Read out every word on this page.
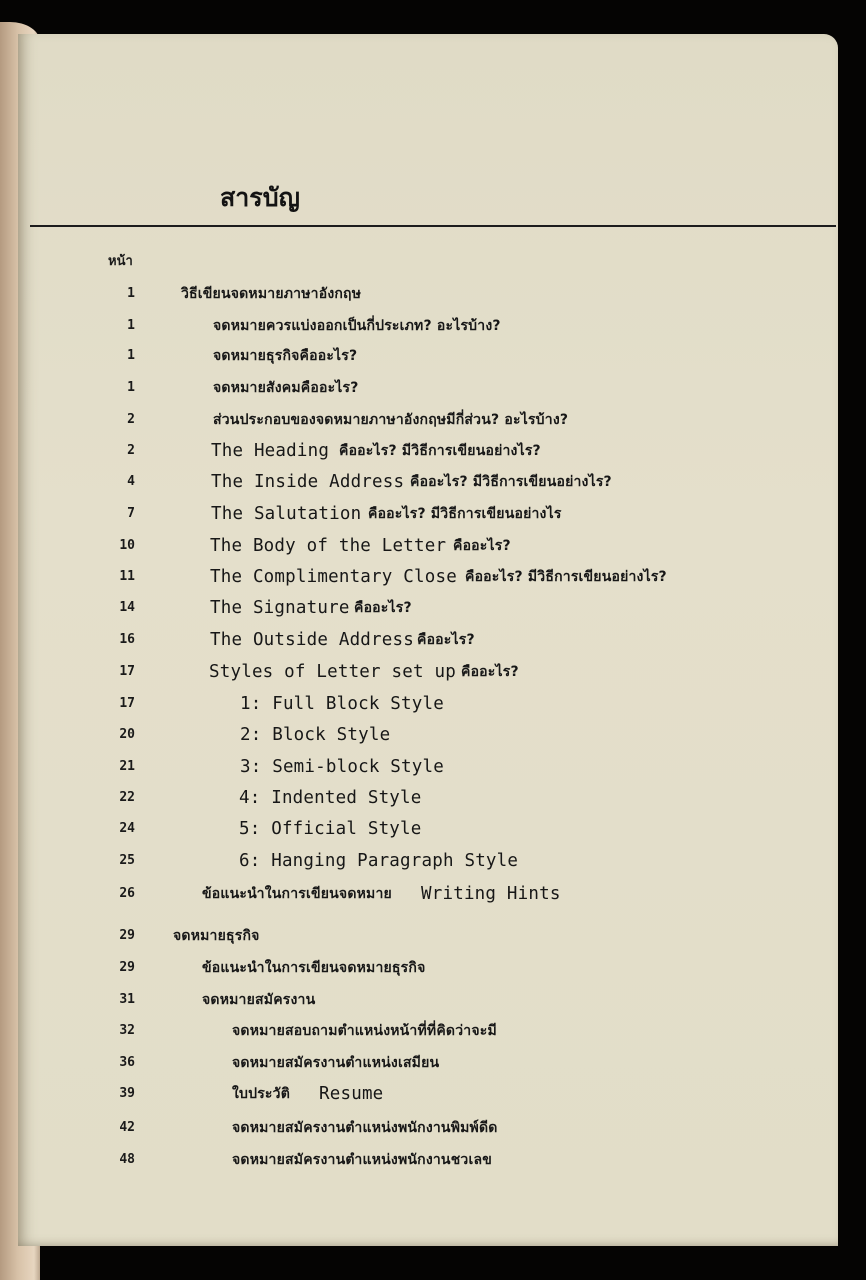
สารบัญ
หน้า
1	วิธีเขียนจดหมายภาษาอังกฤษ
1	จดหมายควรแบ่งออกเป็นกี่ประเภท? อะไรบ้าง?
1	จดหมายธุรกิจคืออะไร?
1	จดหมายสังคมคืออะไร?
2	ส่วนประกอบของจดหมายภาษาอังกฤษมีกี่ส่วน? อะไรบ้าง?
2	The Heading คืออะไร? มีวิธีการเขียนอย่างไร?
4	The Inside Address คืออะไร? มีวิธีการเขียนอย่างไร?
7	The Salutation คืออะไร? มีวิธีการเขียนอย่างไร
10	The Body of the Letter คืออะไร?
11	The Complimentary Close คืออะไร? มีวิธีการเขียนอย่างไร?
14	The Signature คืออะไร?
16	The Outside Address คืออะไร?
17	Styles of Letter set up คืออะไร?
17	1: Full Block Style
20	2: Block Style
21	3: Semi-block Style
22	4: Indented Style
24	5: Official Style
25	6: Hanging Paragraph Style
26	ข้อแนะนำในการเขียนจดหมาย Writing Hints
29	จดหมายธุรกิจ
29	ข้อแนะนำในการเขียนจดหมายธุรกิจ
31	จดหมายสมัครงาน
32	จดหมายสอบถามตำแหน่งหน้าที่ที่คิดว่าจะมี
36	จดหมายสมัครงานตำแหน่งเสมียน
39	ใบประวัติ Resume
42	จดหมายสมัครงานตำแหน่งพนักงานพิมพ์ดีด
48	จดหมายสมัครงานตำแหน่งพนักงานชวเลข
